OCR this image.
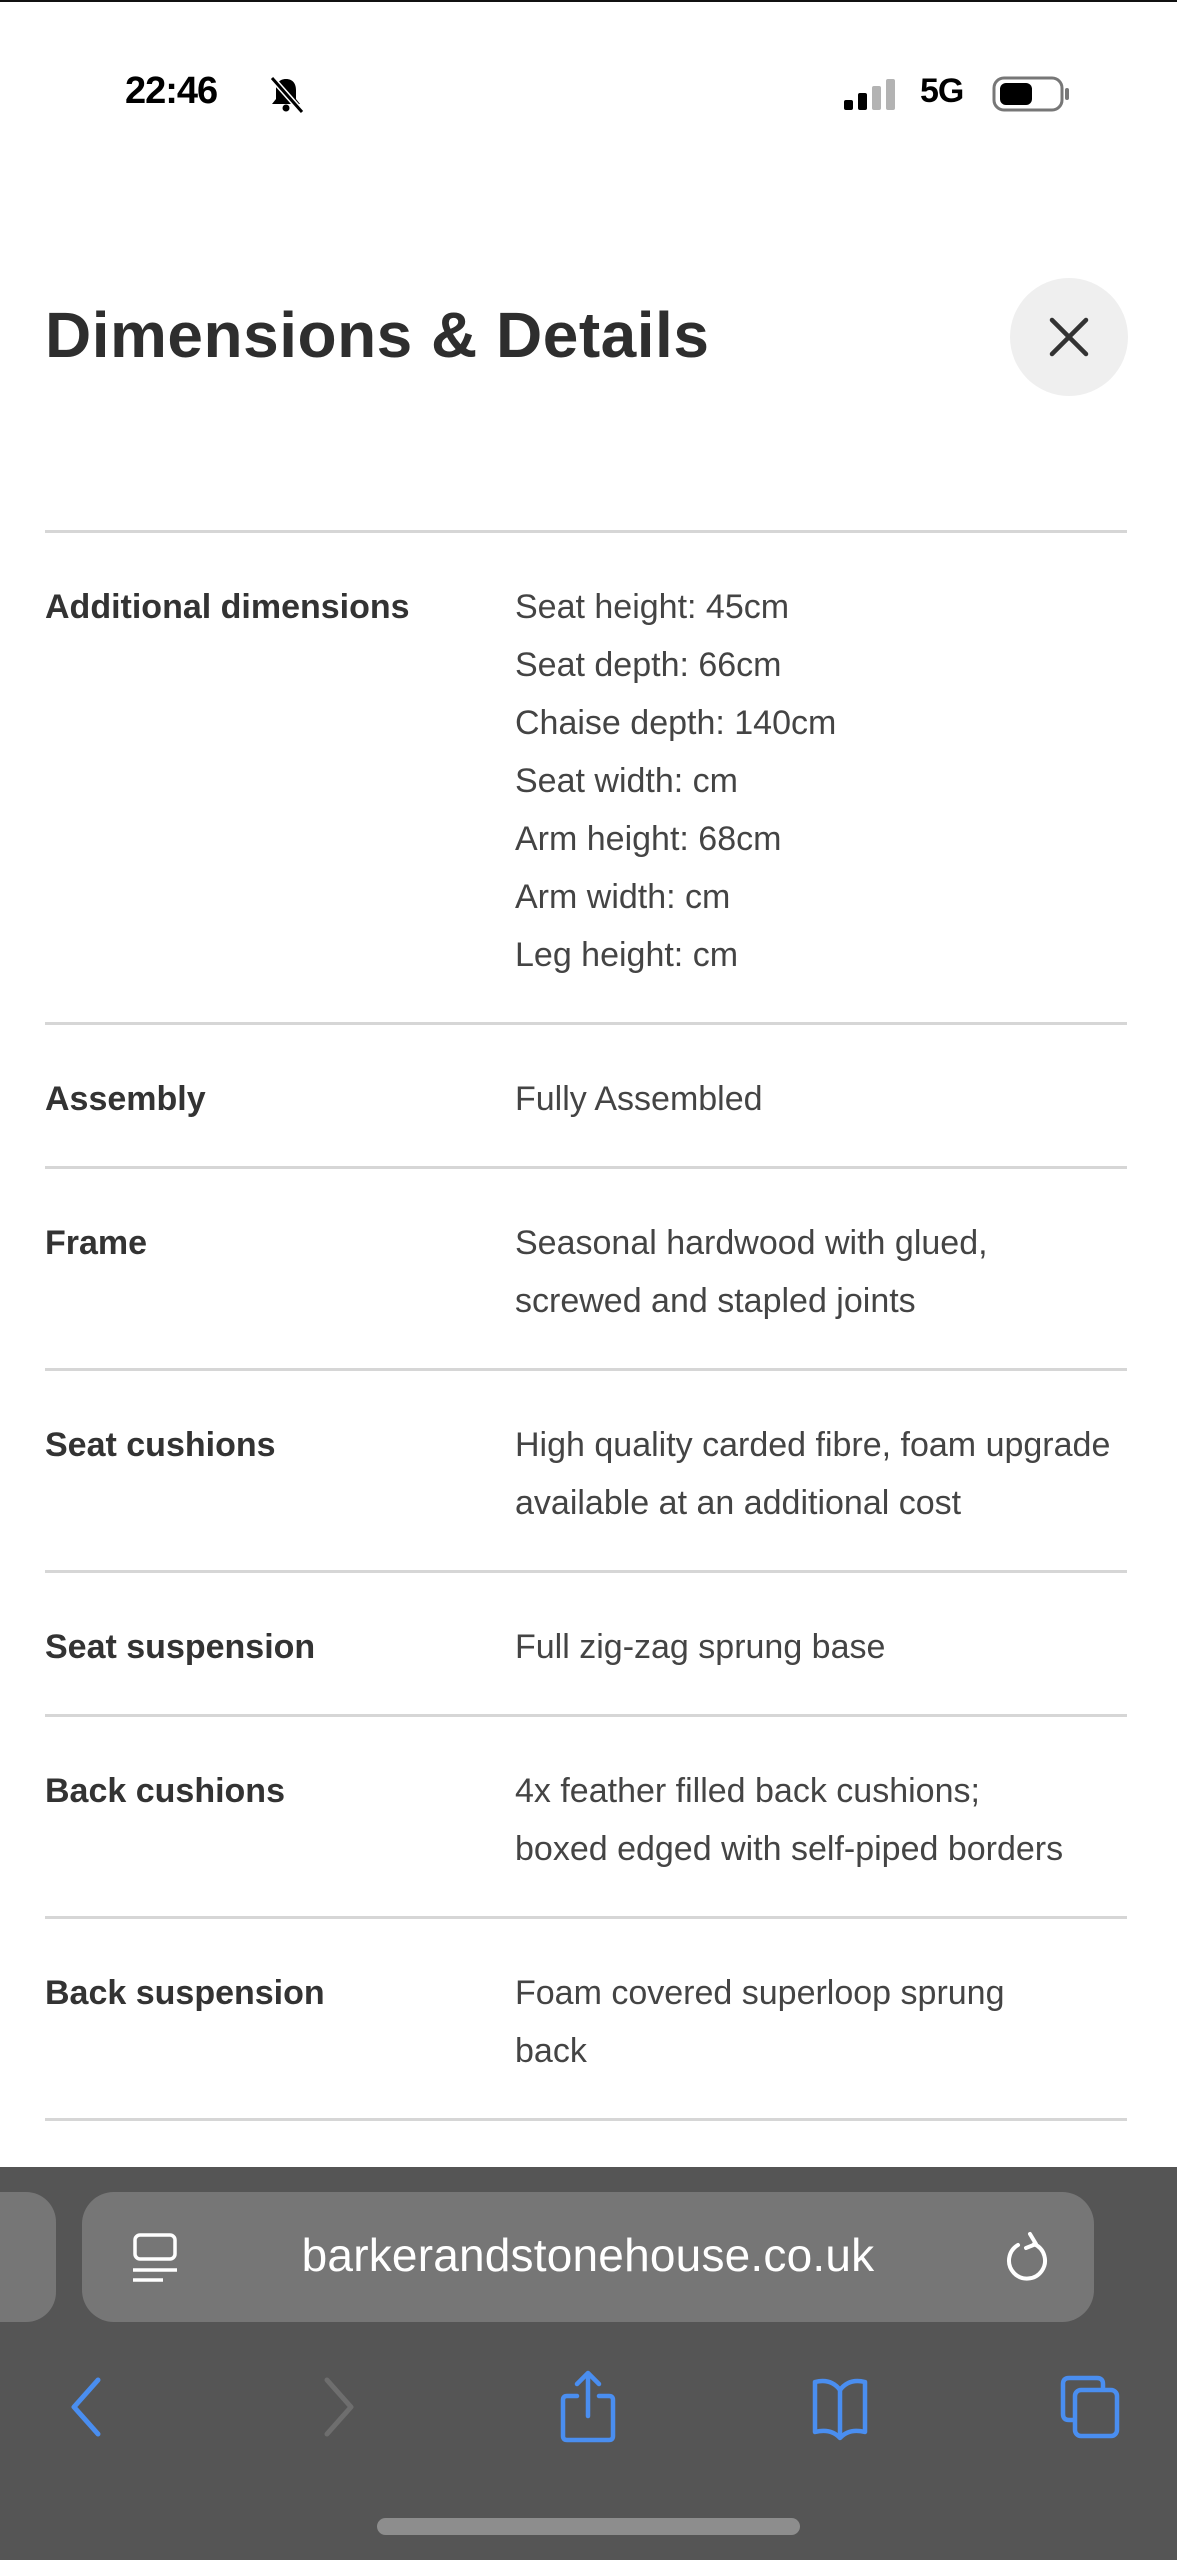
22:46	5G
Dimensions & Details
Additional dimensions	Seat height: 45cm
Seat depth: 66cm
Chaise depth: 140cm
Seat width: cm
Arm height: 68cm
Arm width: cm
Leg height: cm
Assembly	Fully Assembled
Frame	Seasonal hardwood with glued, screwed and stapled joints
Seat cushions	High quality carded fibre, foam upgrade available at an additional cost
Seat suspension	Full zig-zag sprung base
Back cushions	4x feather filled back cushions; boxed edged with self-piped borders
Back suspension	Foam covered superloop sprung back
barkerandstonehouse.co.uk
